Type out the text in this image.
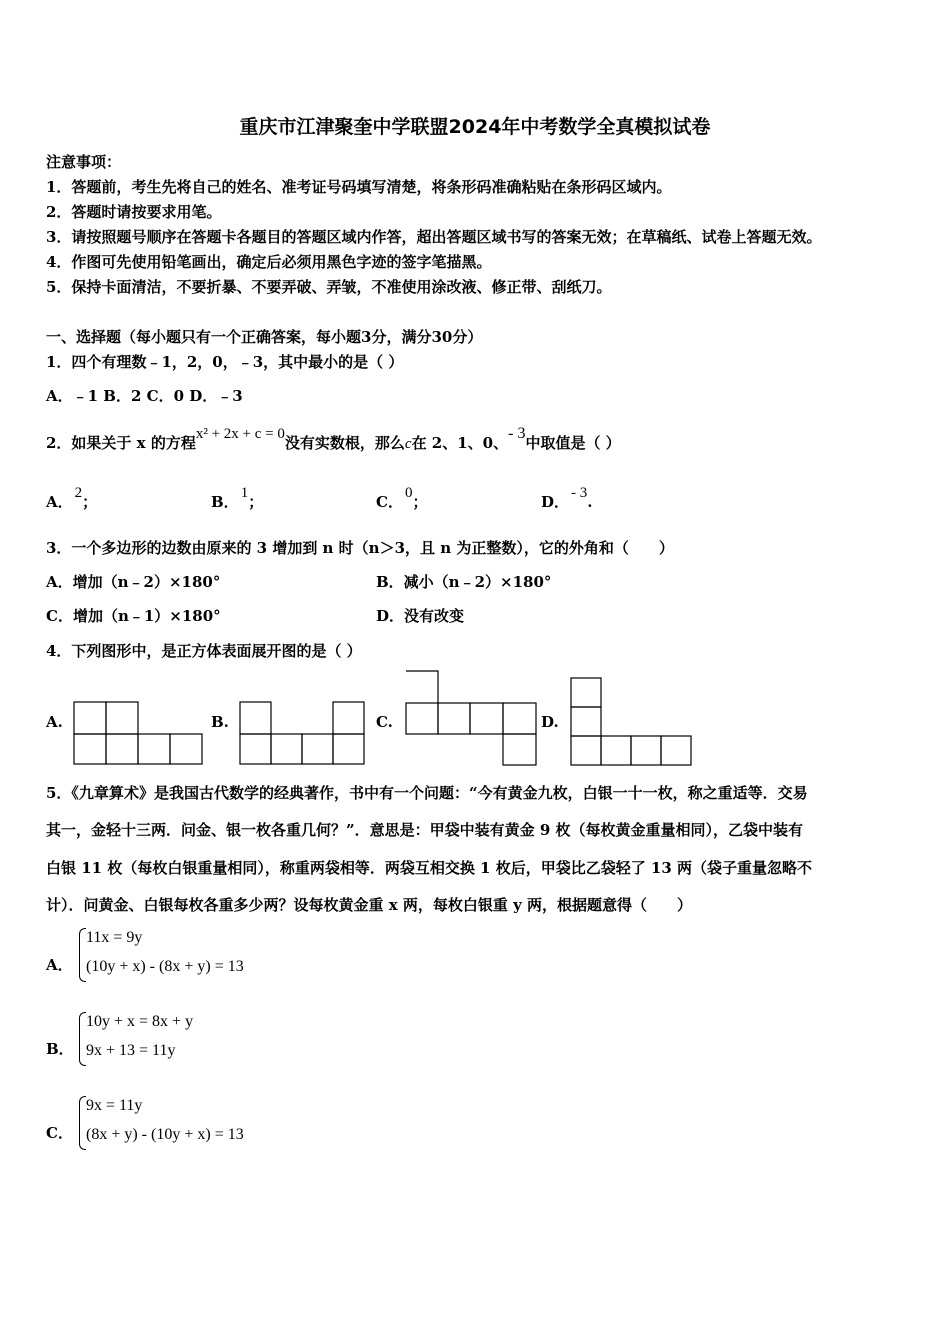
重庆市江津聚奎中学联盟2024年中考数学全真模拟试卷
注意事项：
1．答题前，考生先将自己的姓名、准考证号码填写清楚，将条形码准确粘贴在条形码区域内。
2．答题时请按要求用笔。
3．请按照题号顺序在答题卡各题目的答题区域内作答，超出答题区域书写的答案无效；在草稿纸、试卷上答题无效。
4．作图可先使用铅笔画出，确定后必须用黑色字迹的签字笔描黑。
5．保持卡面清洁，不要折暴、不要弄破、弄皱，不准使用涂改液、修正带、刮纸刀。
一、选择题（每小题只有一个正确答案，每小题3分，满分30分）
1．四个有理数﹣1，2，0，﹣3，其中最小的是（ ）
A．﹣1 B．2 C．0 D．﹣3
2．如果关于 x 的方程x² + 2x + c = 0没有实数根，那么c在 2、1、0、- 3中取值是（ ）
A． 2；	B． 1；	C． 0；	D． - 3.
3．一个多边形的边数由原来的 3 增加到 n 时（n＞3，且 n 为正整数），它的外角和（　　）
A．增加（n﹣2）×180°	B．减小（n﹣2）×180°
C．增加（n﹣1）×180°	D．没有改变
4．下列图形中，是正方体表面展开图的是（ ）
A.	B.	C.	D.
5．《九章算术》是我国古代数学的经典著作，书中有一个问题：“今有黄金九枚，白银一十一枚，称之重适等．交易
其一，金轻十三两．问金、银一枚各重几何？”．意思是：甲袋中装有黄金 9 枚（每枚黄金重量相同），乙袋中装有
白银 11 枚（每枚白银重量相同），称重两袋相等．两袋互相交换 1 枚后，甲袋比乙袋轻了 13 两（袋子重量忽略不
计）．问黄金、白银每枚各重多少两？设每枚黄金重 x 两，每枚白银重 y 两，根据题意得（　　）
A．
11x = 9y
(10y + x) - (8x + y) = 13
B．
10y + x = 8x + y
9x + 13 = 11y
C．
9x = 11y
(8x + y) - (10y + x) = 13
